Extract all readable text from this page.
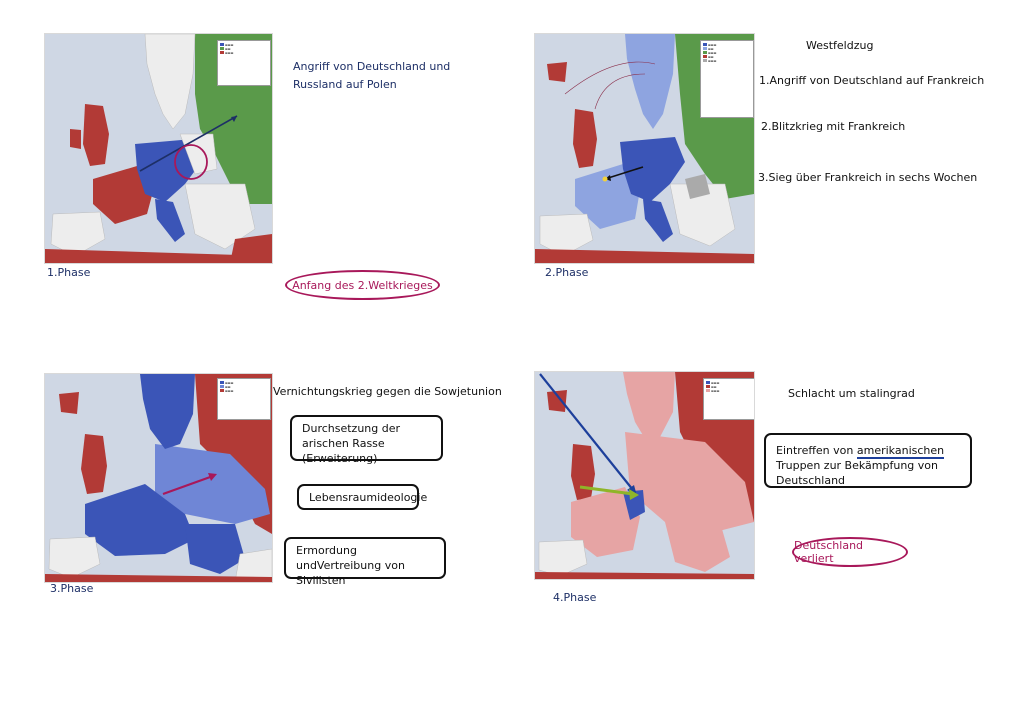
▬▬▬
▬▬
▬▬▬
1.Phase
Angriff von Deutschland und Russland auf Polen
Anfang des 2.Weltkrieges
▬▬▬
▬▬
▬▬▬
▬▬
▬▬▬
2.Phase
Westfeldzug
1.Angriff von Deutschland auf Frankreich
2.Blitzkrieg mit Frankreich
3.Sieg über Frankreich in sechs Wochen
▬▬▬
▬▬
▬▬▬
3.Phase
Vernichtungskrieg gegen die Sowjetunion
Durchsetzung der arischen Rasse (Erweiterung)
Lebensraumideologie
Ermordung undVertreibung von Sivilisten
▬▬▬
▬▬
▬▬▬
4.Phase
Schlacht um stalingrad
Eintreffen von amerikanischen Truppen zur Bekämpfung von Deutschland
Deutschland verliert
